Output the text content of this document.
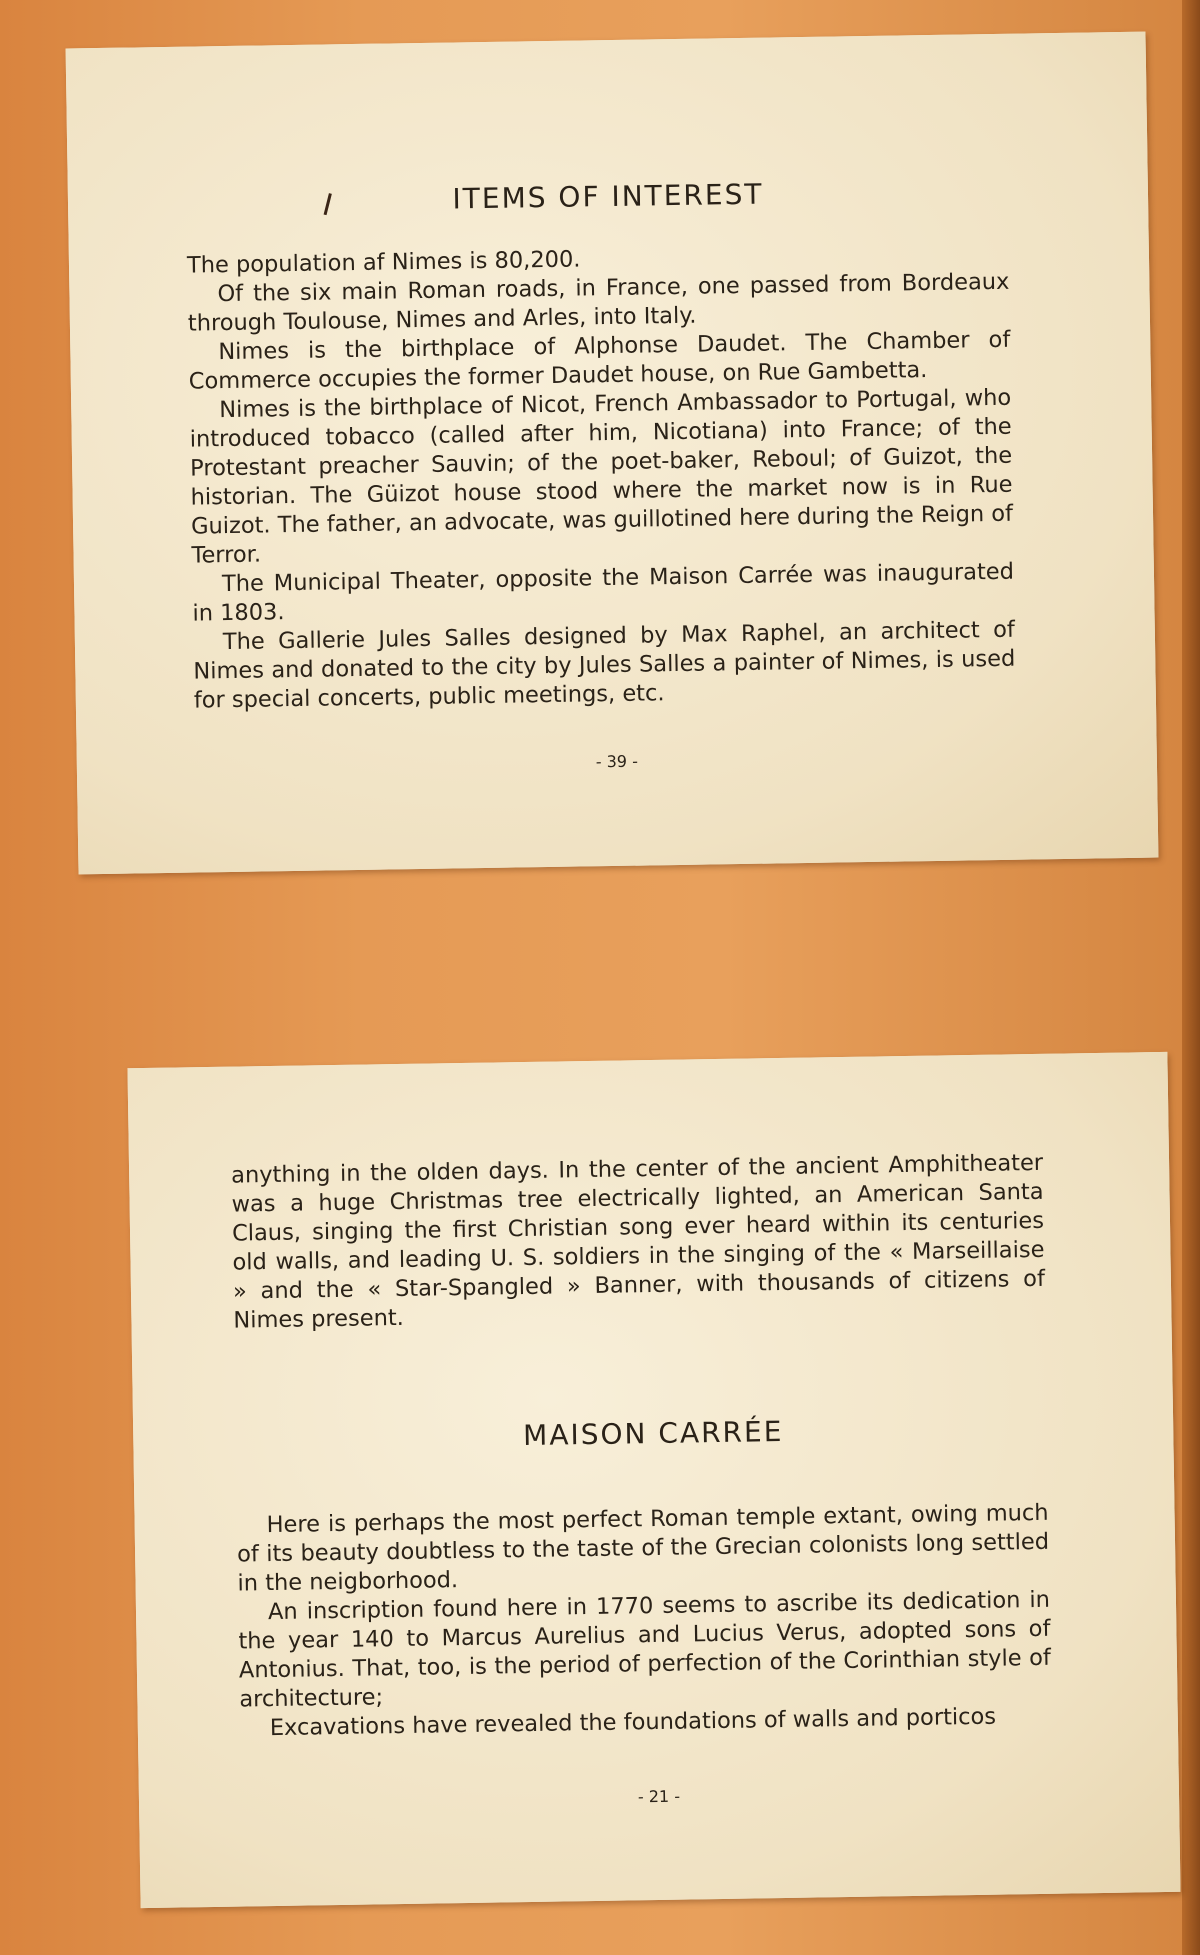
ITEMS OF INTEREST

The population af Nimes is 80,200.

Of the six main Roman roads, in France, one passed from Bordeaux through Toulouse, Nimes and Arles, into Italy.

Nimes is the birthplace of Alphonse Daudet. The Chamber of Commerce occupies the former Daudet house, on Rue Gambetta.

Nimes is the birthplace of Nicot, French Ambassador to Portugal, who introduced tobacco (called after him, Nicotiana) into France; of the Protestant preacher Sauvin; of the poet-baker, Reboul; of Guizot, the historian. The Güizot house stood where the market now is in Rue Guizot. The father, an advocate, was guillotined here during the Reign of Terror.

The Municipal Theater, opposite the Maison Carrée was inaugurated in 1803.

The Gallerie Jules Salles designed by Max Raphel, an architect of Nimes and donated to the city by Jules Salles a painter of Nimes, is used for special concerts, public meetings, etc.

- 39 -

anything in the olden days. In the center of the ancient Amphitheater was a huge Christmas tree electrically lighted, an American Santa Claus, singing the first Christian song ever heard within its centuries old walls, and leading U. S. soldiers in the singing of the « Marseillaise » and the « Star-Spangled » Banner, with thousands of citizens of Nimes present.

MAISON CARRÉE

Here is perhaps the most perfect Roman temple extant, owing much of its beauty doubtless to the taste of the Grecian colonists long settled in the neigborhood.

An inscription found here in 1770 seems to ascribe its dedication in the year 140 to Marcus Aurelius and Lucius Verus, adopted sons of Antonius. That, too, is the period of perfection of the Corinthian style of architecture;

Excavations have revealed the foundations of walls and porticos

- 21 -
